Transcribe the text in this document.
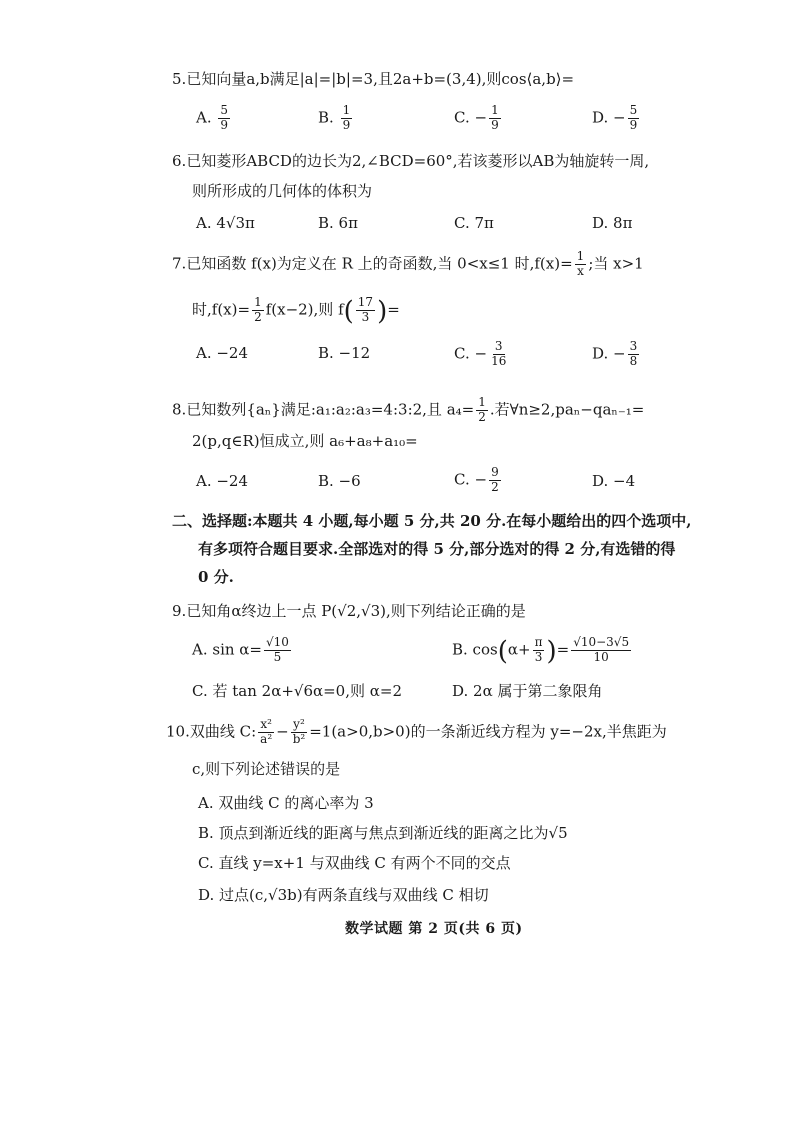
5.已知向量a,b满足|a|=|b|=3,且2a+b=(3,4),则cos⟨a,b⟩=
A. $\frac{5}{9}$	B. $\frac{1}{9}$	C. − $\frac{1}{9}$	D. − $\frac{5}{9}$
6.已知菱形ABCD的边长为2,∠BCD=60°,若该菱形以AB为轴旋转一周,
则所形成的几何体的体积为
A. 4√3π	B. 6π	C. 7π	D. 8π
7.已知函数 f(x)为定义在 R 上的奇函数,当 0<x≤1 时$,f(x)= \frac{1}{x}$ ;当 x>1
时$,f(x)= \frac{1}{2} f(x-2)$,则 $f( \frac{17}{3}$ )=
A. −24	B. −12	C. − $\frac{3}{16}$	D. − $\frac{3}{8}$
8.已知数列{aₙ}满足:a₁:a₂:a₃=4:3:2,且 $a_4= \frac{1}{2}$ .若∀n≥2,paₙ−qaₙ₋₁=
2(p,q∈R)恒成立,则 a₆+a₈+a₁₀=
A. −24	B. −6	C. − $\frac{9}{2}$	D. −4
二、选择题:本题共 4 小题,每小题 5 分,共 20 分.在每小题给出的四个选项中,
有多项符合题目要求.全部选对的得 5 分,部分选对的得 2 分,有选错的得
0 分.
9.已知角α终边上一点 P(√2,√3),则下列结论正确的是
A. $\sin \alpha= \frac{√10}{5}$	B. $\cos(\alpha+ \frac{\pi}{3}$ )= $\frac{√10-3√5}{10}$
C. 若 tan 2α+√6α=0,则 α=2	D. 2α 属于第二象限角
10.双曲线 C: $\frac{\text{x²}}{\text{a²}} - \frac{\text{y²}}{\text{b²}} =1(a>0,b>0)$的一条渐近线方程为 y=−2x,半焦距为
c,则下列论述错误的是
A. 双曲线 C 的离心率为 3
B. 顶点到渐近线的距离与焦点到渐近线的距离之比为√5
C. 直线 y=x+1 与双曲线 C 有两个不同的交点
D. 过点(c,√3b)有两条直线与双曲线 C 相切
数学试题 第 2 页(共 6 页)
